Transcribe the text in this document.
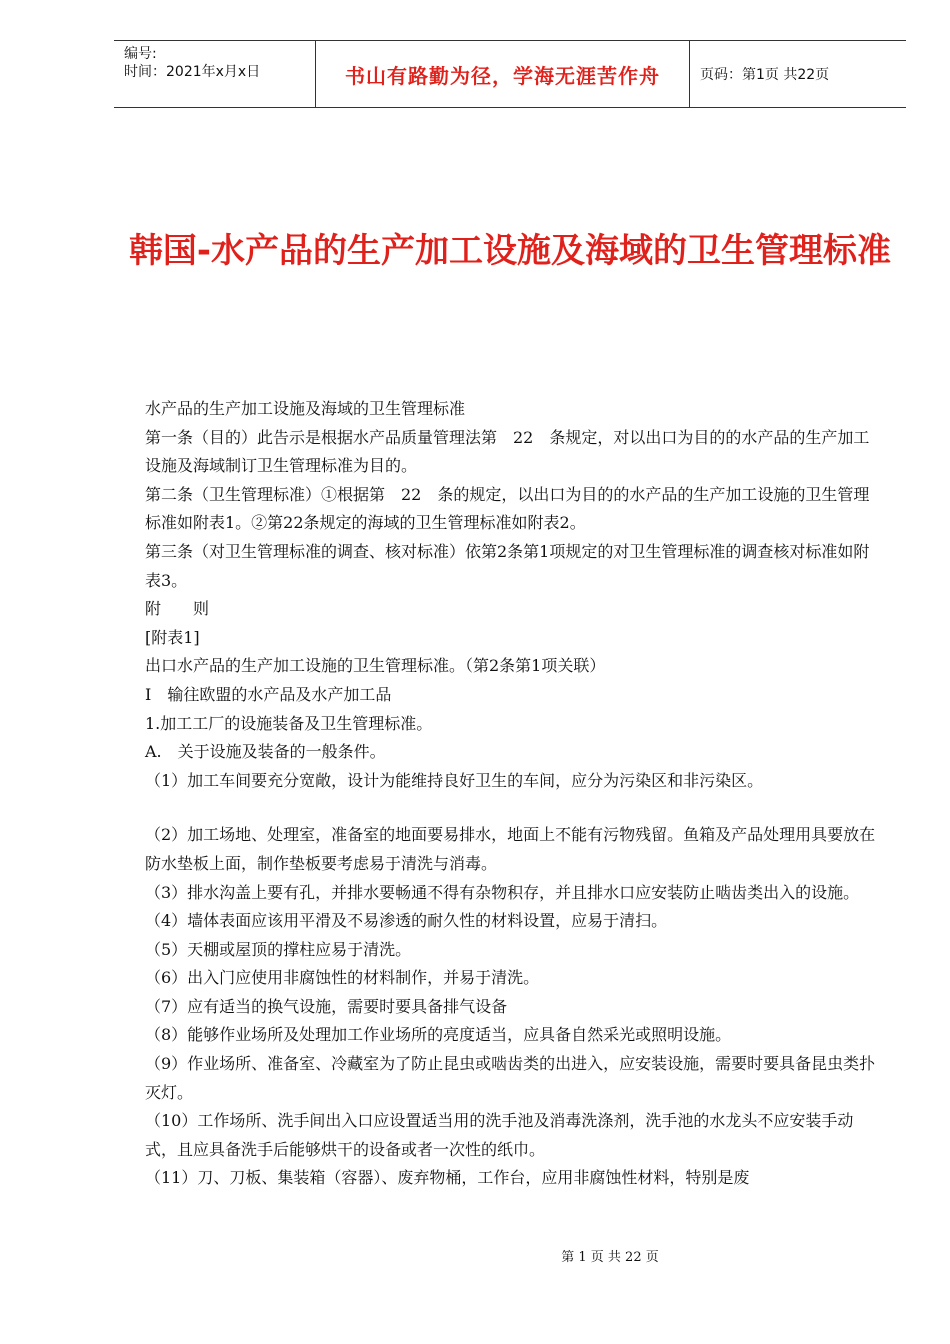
编号:
时间：2021年x月x日	书山有路勤为径，学海无涯苦作舟	页码：第1页 共22页
韩国-水产品的生产加工设施及海域的卫生管理标准

水产品的生产加工设施及海域的卫生管理标准

第一条（目的）此告示是根据水产品质量管理法第　22　条规定，对以出口为目的的水产品的生产加工设施及海域制订卫生管理标准为目的。

第二条（卫生管理标准）①根据第　22　条的规定，以出口为目的的水产品的生产加工设施的卫生管理标准如附表1。②第22条规定的海域的卫生管理标准如附表2。

第三条（对卫生管理标准的调查、核对标准）依第2条第1项规定的对卫生管理标准的调查核对标准如附表3。

附　　则

[附表1]

出口水产品的生产加工设施的卫生管理标准。（第2条第1项关联）

I　输往欧盟的水产品及水产加工品

1.加工工厂的设施装备及卫生管理标准。

A.　关于设施及装备的一般条件。

（1）加工车间要充分宽敞，设计为能维持良好卫生的车间，应分为污染区和非污染区。

（2）加工场地、处理室，准备室的地面要易排水，地面上不能有污物残留。鱼箱及产品处理用具要放在防水垫板上面，制作垫板要考虑易于清洗与消毒。

（3）排水沟盖上要有孔，并排水要畅通不得有杂物积存，并且排水口应安装防止啮齿类出入的设施。

（4）墙体表面应该用平滑及不易渗透的耐久性的材料设置，应易于清扫。

（5）天棚或屋顶的撑柱应易于清洗。

（6）出入门应使用非腐蚀性的材料制作，并易于清洗。

（7）应有适当的换气设施，需要时要具备排气设备

（8）能够作业场所及处理加工作业场所的亮度适当，应具备自然采光或照明设施。

（9）作业场所、准备室、冷藏室为了防止昆虫或啮齿类的出进入，应安装设施，需要时要具备昆虫类扑灭灯。

（10）工作场所、洗手间出入口应设置适当用的洗手池及消毒洗涤剂，洗手池的水龙头不应安装手动式，且应具备洗手后能够烘干的设备或者一次性的纸巾。

（11）刀、刀板、集装箱（容器）、废弃物桶，工作台，应用非腐蚀性材料，特别是废

第 1 页 共 22 页
